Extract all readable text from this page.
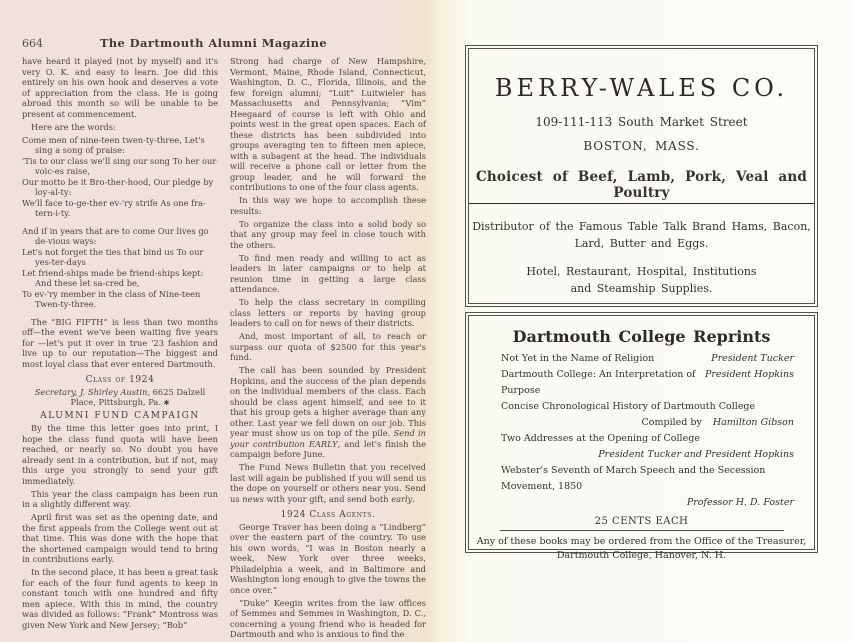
664	The Dartmouth Alumni Magazine

have heard it played (not by myself) and it's very O. K. and easy to learn. Joe did this entirely on his own hook and deserves a vote of appreciation from the class. He is going abroad this month so will be unable to be present at commencement.

Here are the words:

Come men of nine-teen twen-ty-three, Let's sing a song of praise:
'Tis to our class we'll sing our song To her our voic-es raise,
Our motto be it Bro-ther-hood, Our pledge by loy-al-ty:
We'll face to-ge-ther ev-'ry strife As one fra-tern-i-ty.
And if in years that are to come Our lives go de-vious ways:
Let's not forget the ties that bind us To our yes-ter-days
Let friend-ships made be friend-ships kept: And these let sa-cred be,
To ev-'ry member in the class of Nine-teen Twen-ty-three.

The “BIG FIFTH” is less than two months off—the event we've been waiting five years for —let's put it over in true '23 fashion and live up to our reputation—The biggest and most loyal class that ever entered Dartmouth.

Class of 1924
Secretary, J. Shirley Austin, 6625 Dalzell
Place, Pittsburgh, Pa. ✱
ALUMNI FUND CAMPAIGN

By the time this letter goes into print, I hope the class fund quota will have been reached, or nearly so. No doubt you have already sent in a contribution, but if not, may this urge you strongly to send your gift immediately.

This year the class campaign has been run in a slightly different way.

April first was set as the opening date, and the first appeals from the College went out at that time. This was done with the hope that the shortened campaign would tend to bring in contributions early.

In the second place, it has been a great task for each of the four fund agents to keep in constant touch with one hundred and fifty men apiece. With this in mind, the country was divided as follows: “Frank” Montross was given New York and New Jersey; “Bob”

Strong had charge of New Hampshire, Vermont, Maine, Rhode Island, Connecticut, Washington, D. C., Florida, Illinois, and the few foreign alumni; “Luit” Luitwieler has Massachusetts and Pennsylvania; “Vim” Heegaard of course is left with Ohio and points west in the great open spaces. Each of these districts has been subdivided into groups averaging ten to fifteen men apiece, with a subagent at the head. The individuals will receive a phone call or letter from the group leader, and he will forward the contributions to one of the four class agents.

In this way we hope to accomplish these results:

To organize the class into a solid body so that any group may feel in close touch with the others.

To find men ready and willing to act as leaders in later campaigns or to help at reunion time in getting a large class attendance.

To help the class secretary in compiling class letters or reports by having group leaders to call on for news of their districts.

And, most important of all, to reach or surpass our quota of $2500 for this year's fund.

The call has been sounded by President Hopkins, and the success of the plan depends on the individual members of the class. Each should be class agent himself, and see to it that his group gets a higher average than any other. Last year we fell down on our job. This year must show us on top of the pile. Send in your contribution EARLY, and let's finish the campaign before June.

The Fund News Bulletin that you received last will again be published if you will send us the dope on yourself or others near you. Send us news with your gift, and send both early.

1924 Class Agents.

George Traver has been doing a “Lindberg” over the eastern part of the country. To use his own words, “I was in Boston nearly a week, New York over three weeks, Philadelphia a week, and in Baltimore and Washington long enough to give the towns the once over.”

“Duke” Keegin writes from the law offices of Semmes and Semmes in Washington, D. C., concerning a young friend who is headed for Dartmouth and who is anxious to find the

BERRY-WALES CO.
109-111-113 South Market Street
BOSTON, MASS.
Choicest of Beef, Lamb, Pork, Veal and Poultry
Distributor of the Famous Table Talk Brand Hams, Bacon,
Lard, Butter and Eggs.
Hotel, Restaurant, Hospital, Institutions
and Steamship Supplies.
Dartmouth College Reprints
Not Yet in the Name of Religion	President Tucker
Dartmouth College: An Interpretation of Purpose
President Hopkins
Concise Chronological History of Dartmouth College
Compiled by Hamilton Gibson
Two Addresses at the Opening of College
President Tucker and President Hopkins
Webster's Seventh of March Speech and the Secession Movement, 1850
Professor H. D. Foster
25 CENTS EACH
Any of these books may be ordered from the Office of the Treasurer,
Dartmouth College, Hanover, N. H.
